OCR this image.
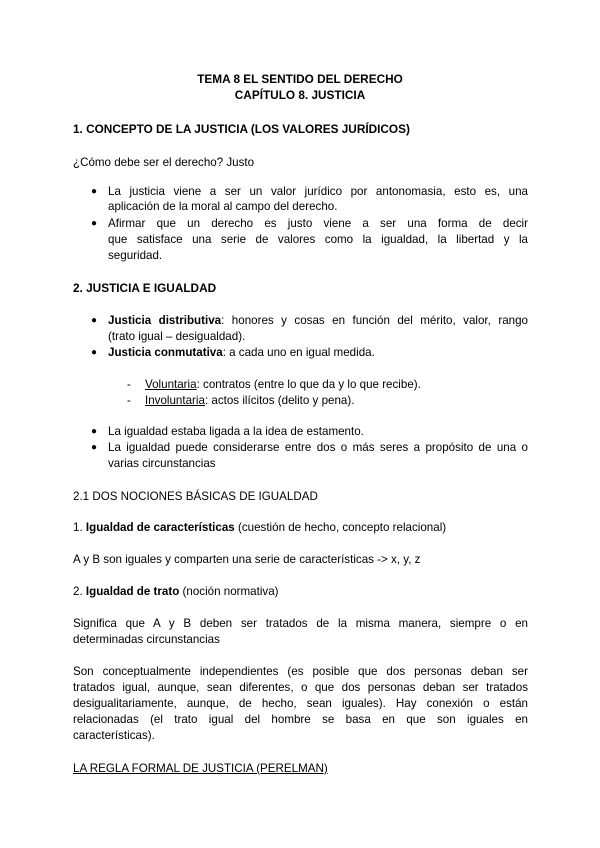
TEMA 8 EL SENTIDO DEL DERECHO
CAPÍTULO 8. JUSTICIA
1. CONCEPTO DE LA JUSTICIA (LOS VALORES JURÍDICOS)
¿Cómo debe ser el derecho? Justo
● La justicia viene a ser un valor jurídico por antonomasia, esto es, una
aplicación de la moral al campo del derecho.
● Afirmar que un derecho es justo viene a ser una forma de decir
que satisface una serie de valores como la igualdad, la libertad y la
seguridad.
2. JUSTICIA E IGUALDAD
● Justicia distributiva: honores y cosas en función del mérito, valor, rango
(trato igual – desigualdad).
● Justicia conmutativa: a cada uno en igual medida.
- Voluntaria: contratos (entre lo que da y lo que recibe).
- Involuntaria: actos ilícitos (delito y pena).
● La igualdad estaba ligada a la idea de estamento.
● La igualdad puede considerarse entre dos o más seres a propósito de una o
varias circunstancias
2.1 DOS NOCIONES BÁSICAS DE IGUALDAD
1. Igualdad de características (cuestión de hecho, concepto relacional)
A y B son iguales y comparten una serie de características -> x, y, z
2. Igualdad de trato (noción normativa)
Significa que A y B deben ser tratados de la misma manera, siempre o en
determinadas circunstancias
Son conceptualmente independientes (es posible que dos personas deban ser
tratados igual, aunque, sean diferentes, o que dos personas deban ser tratados
desigualitariamente, aunque, de hecho, sean iguales). Hay conexión o están
relacionadas (el trato igual del hombre se basa en que son iguales en
características).
LA REGLA FORMAL DE JUSTICIA (PERELMAN)
